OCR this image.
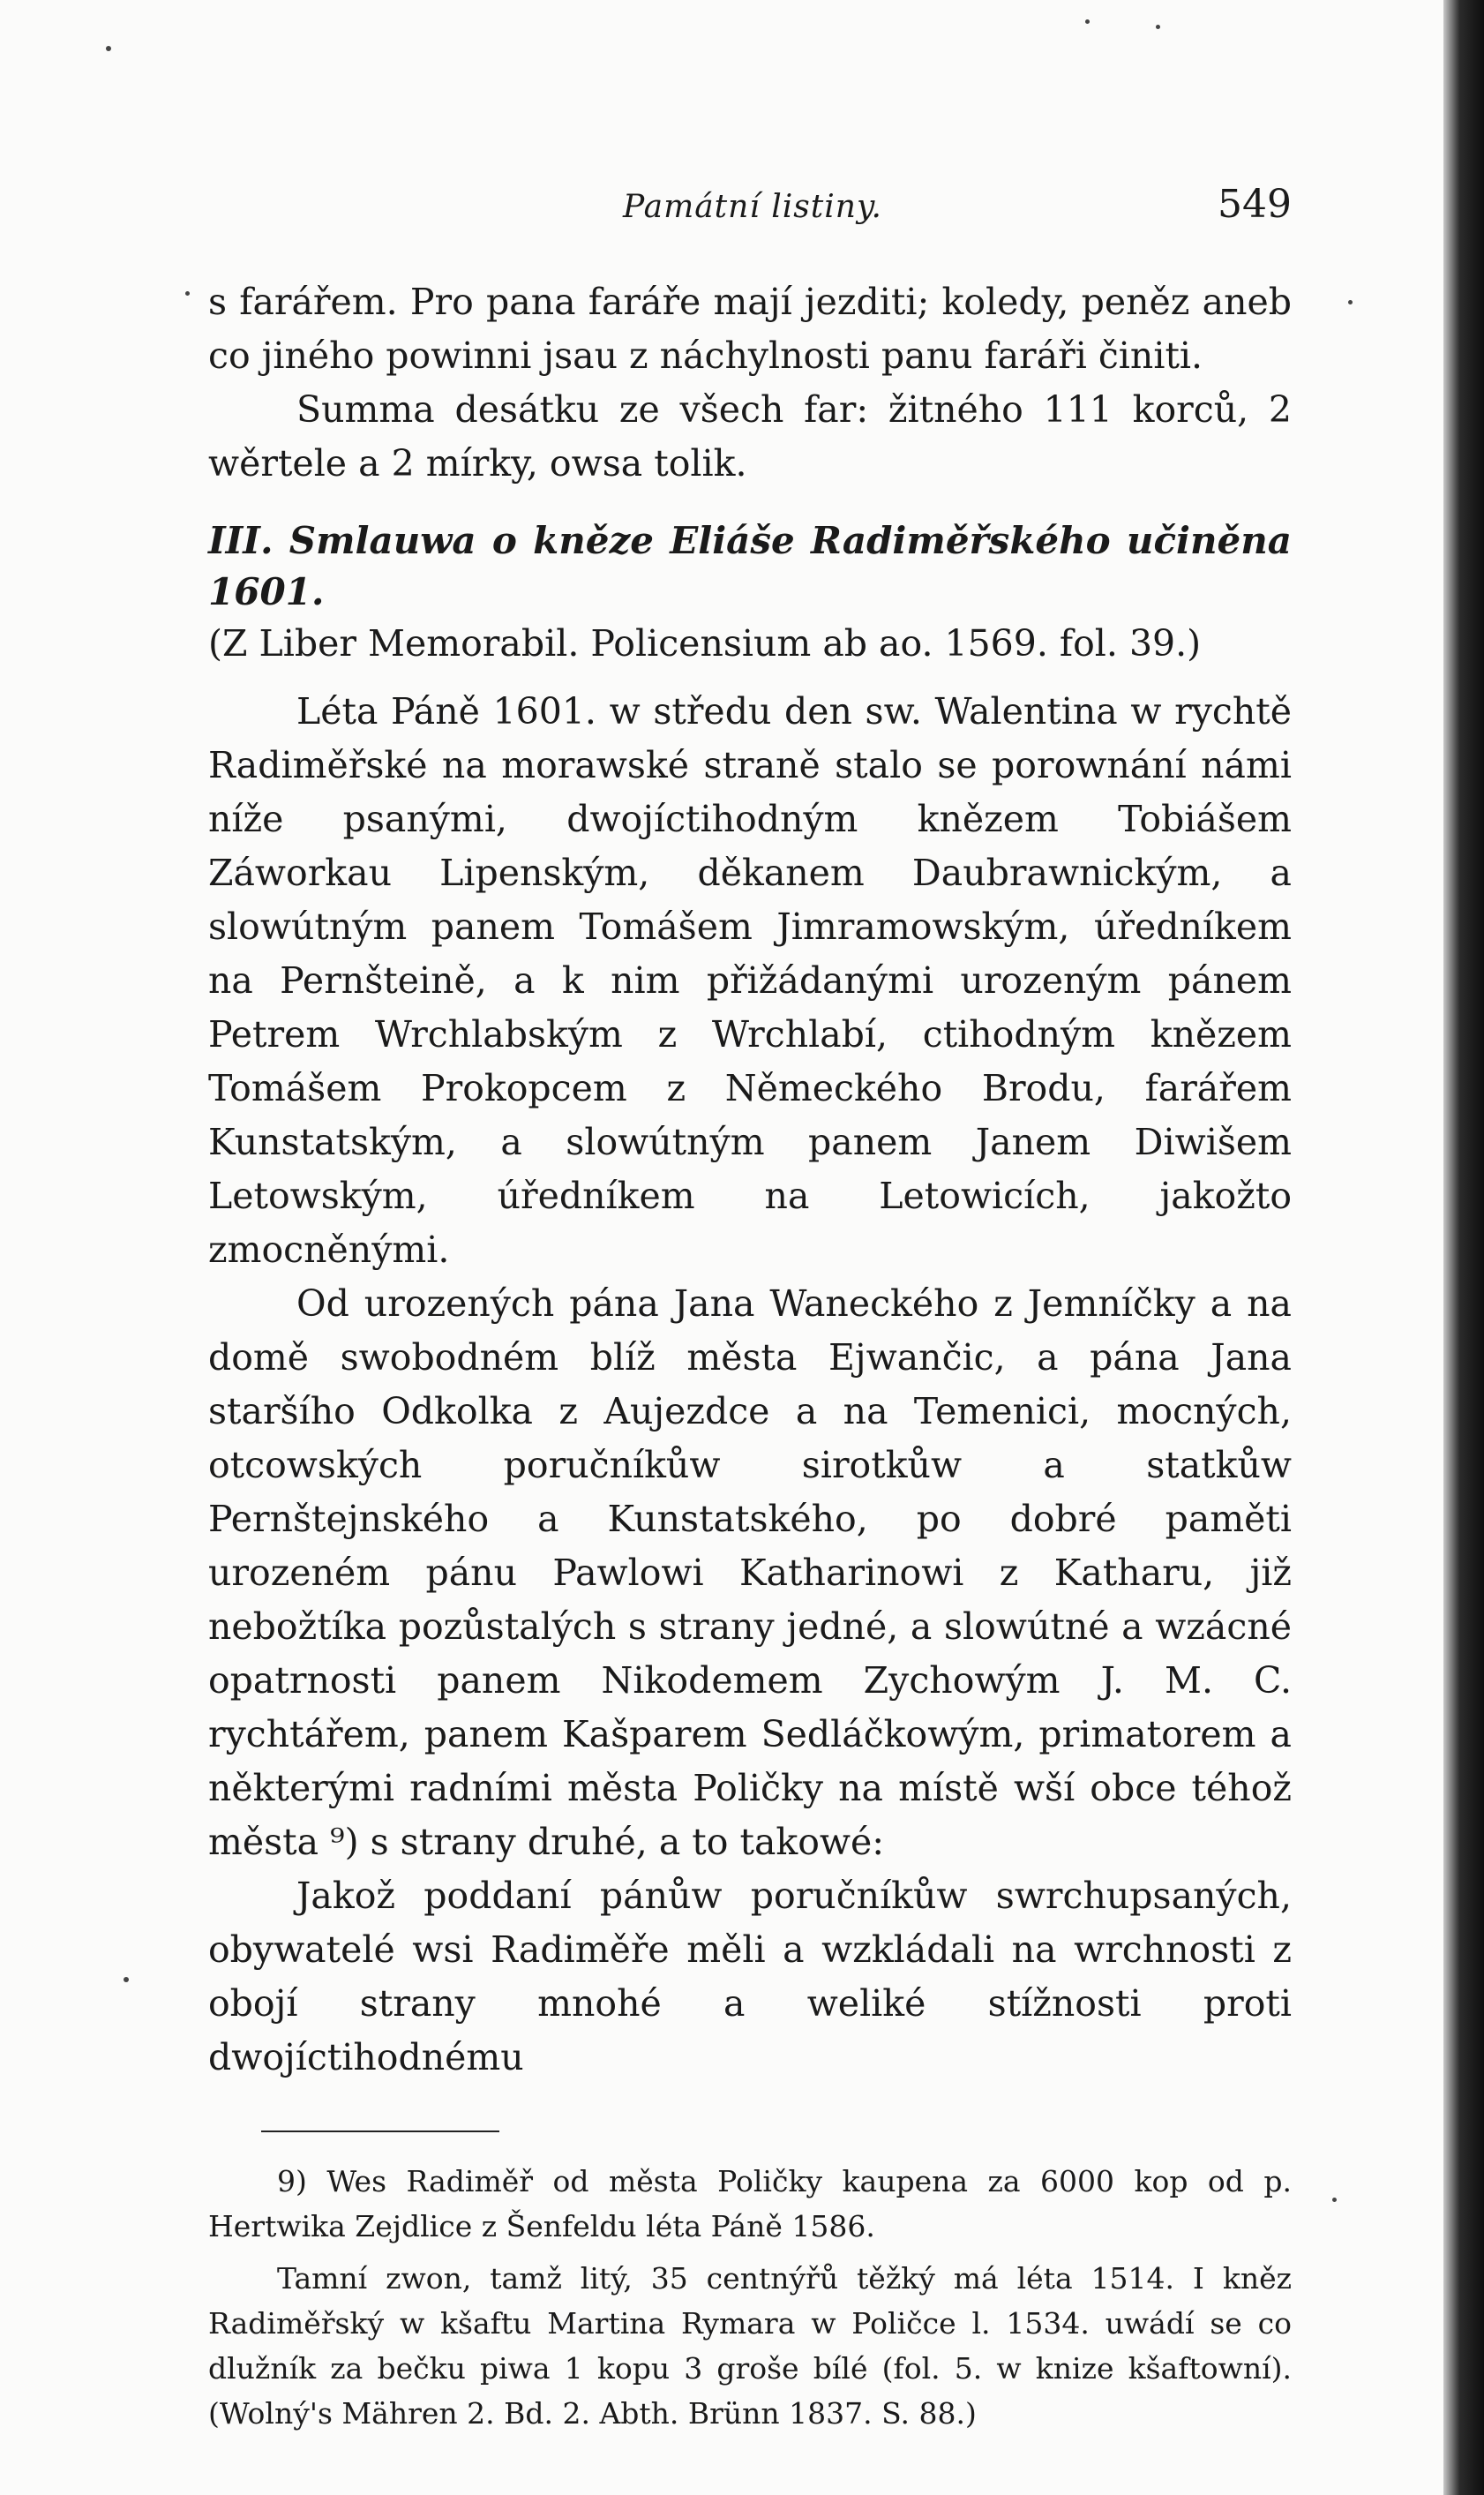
Památní listiny.	549

s farářem. Pro pana faráře mají jezditi; koledy, peněz aneb co jiného powinni jsau z náchylnosti panu faráři činiti.

Summa desátku ze všech far: žitného 111 korců, 2 wěrtele a 2 mírky, owsa tolik.

III. Smlauwa o kněze Eliáše Radiměřského učiněna 1601.

(Z Liber Memorabil. Policensium ab ao. 1569. fol. 39.)

Léta Páně 1601. w středu den sw. Walentina w rychtě Radiměřské na morawské straně stalo se porownání námi níže psanými, dwojíctihodným knězem Tobiášem Záworkau Lipenským, děkanem Daubrawnickým, a slowútným panem Tomášem Jimramowským, úředníkem na Pernšteině, a k nim přižádanými urozeným pánem Petrem Wrchlabským z Wrchlabí, ctihodným knězem Tomášem Prokopcem z Německého Brodu, farářem Kunstatským, a slowútným panem Janem Diwišem Letowským, úředníkem na Letowicích, jakožto zmocněnými.

Od urozených pána Jana Waneckého z Jemníčky a na domě swobodném blíž města Ejwančic, a pána Jana staršího Odkolka z Aujezdce a na Temenici, mocných, otcowských poručníkůw sirotkůw a statkůw Pernštejnského a Kunstatského, po dobré paměti urozeném pánu Pawlowi Katharinowi z Katharu, již nebožtíka pozůstalých s strany jedné, a slowútné a wzácné opatrnosti panem Nikodemem Zychowým J. M. C. rychtářem, panem Kašparem Sedláčkowým, primatorem a některými radními města Poličky na místě wší obce téhož města ⁹) s strany druhé, a to takowé:

Jakož poddaní pánůw poručníkůw swrchupsaných, obywatelé wsi Radiměře měli a wzkládali na wrchnosti z obojí strany mnohé a weliké stížnosti proti dwojíctihodnému

9) Wes Radiměř od města Poličky kaupena za 6000 kop od p. Hertwika Zejdlice z Šenfeldu léta Páně 1586.

Tamní zwon, tamž litý, 35 centnýřů těžký má léta 1514. I kněz Radiměřský w kšaftu Martina Rymara w Poličce l. 1534. uwádí se co dlužník za bečku piwa 1 kopu 3 groše bílé (fol. 5. w knize kšaftowní). (Wolný's Mähren 2. Bd. 2. Abth. Brünn 1837. S. 88.)
